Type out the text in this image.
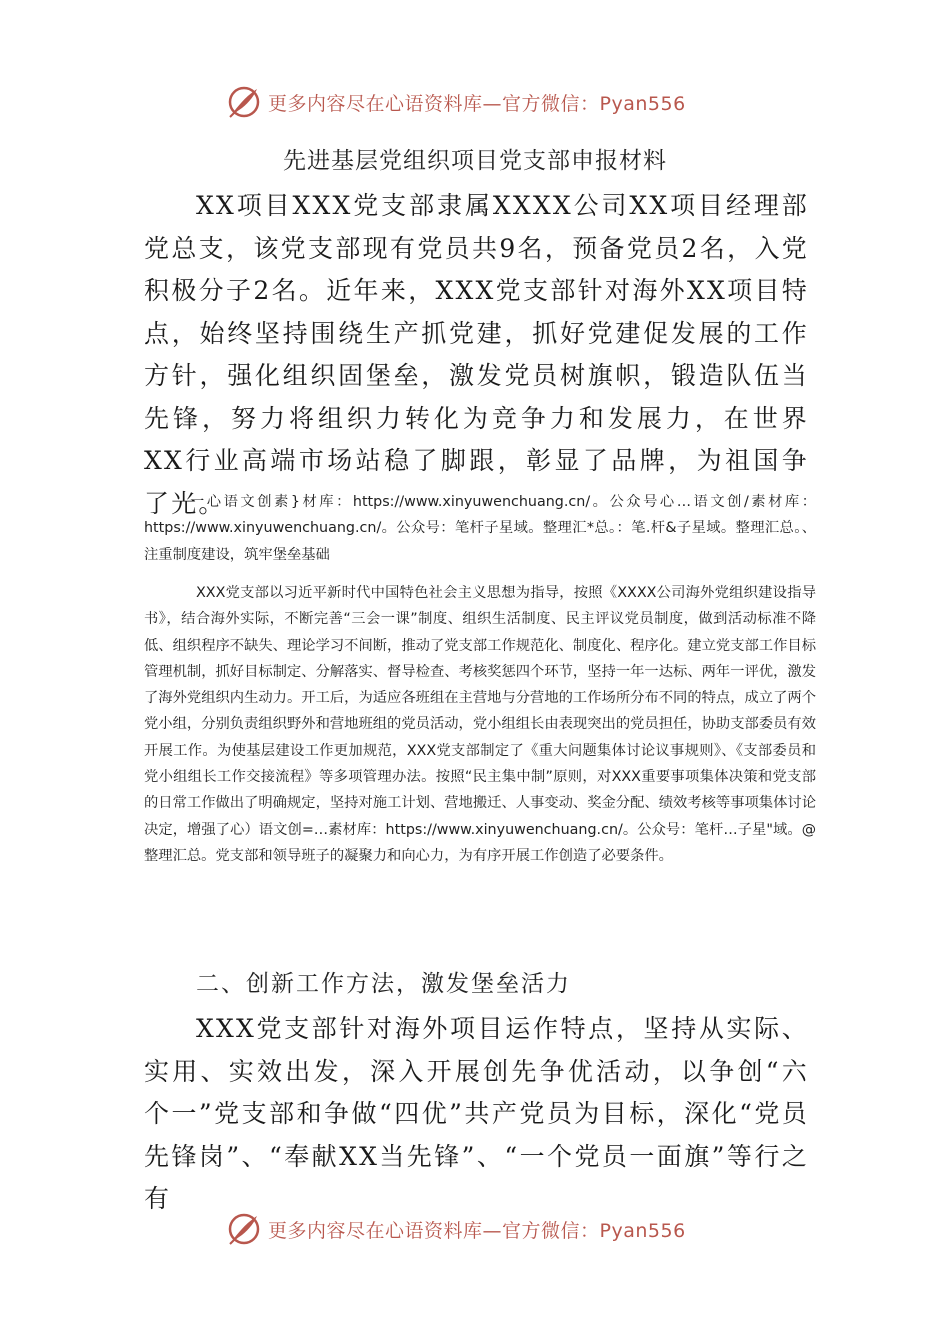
更多内容尽在心语资料库—官方微信：Pyan556
先进基层党组织项目党支部申报材料

XX项目XXX党支部隶属XXXX公司XX项目经理部党总支，该党支部现有党员共9名，预备党员2名，入党积极分子2名。近年来，XXX党支部针对海外XX项目特点，始终坚持围绕生产抓党建，抓好党建促发展的工作方针，强化组织固堡垒，激发党员树旗帜，锻造队伍当先锋，努力将组织力转化为竞争力和发展力，在世界XX行业高端市场站稳了脚跟，彰显了品牌，为祖国争了光。

一心语文创素}材库：https://www.xinyuwenchuang.cn/。公众号心…语文创/素材库：https://www.xinyuwenchuang.cn/。公众号：笔杆子星域。整理汇*总。：笔.杆&子星域。整理汇总。、注重制度建设，筑牢堡垒基础

XXX党支部以习近平新时代中国特色社会主义思想为指导，按照《XXXX公司海外党组织建设指导书》，结合海外实际，不断完善“三会一课”制度、组织生活制度、民主评议党员制度，做到活动标准不降低、组织程序不缺失、理论学习不间断，推动了党支部工作规范化、制度化、程序化。建立党支部工作目标管理机制，抓好目标制定、分解落实、督导检查、考核奖惩四个环节，坚持一年一达标、两年一评优，激发了海外党组织内生动力。开工后，为适应各班组在主营地与分营地的工作场所分布不同的特点，成立了两个党小组，分别负责组织野外和营地班组的党员活动，党小组组长由表现突出的党员担任，协助支部委员有效开展工作。为使基层建设工作更加规范，XXX党支部制定了《重大问题集体讨论议事规则》、《支部委员和党小组组长工作交接流程》等多项管理办法。按照“民主集中制”原则，对XXX重要事项集体决策和党支部的日常工作做出了明确规定，坚持对施工计划、营地搬迁、人事变动、奖金分配、绩效考核等事项集体讨论决定，增强了心）语文创=…素材库：https://www.xinyuwenchuang.cn/。公众号：笔杆…子星"域。@整理汇总。党支部和领导班子的凝聚力和向心力，为有序开展工作创造了必要条件。

二、创新工作方法，激发堡垒活力

XXX党支部针对海外项目运作特点，坚持从实际、实用、实效出发，深入开展创先争优活动，以争创“六个一”党支部和争做“四优”共产党员为目标，深化“党员先锋岗”、“奉献XX当先锋”、“一个党员一面旗”等行之有

更多内容尽在心语资料库—官方微信：Pyan556
